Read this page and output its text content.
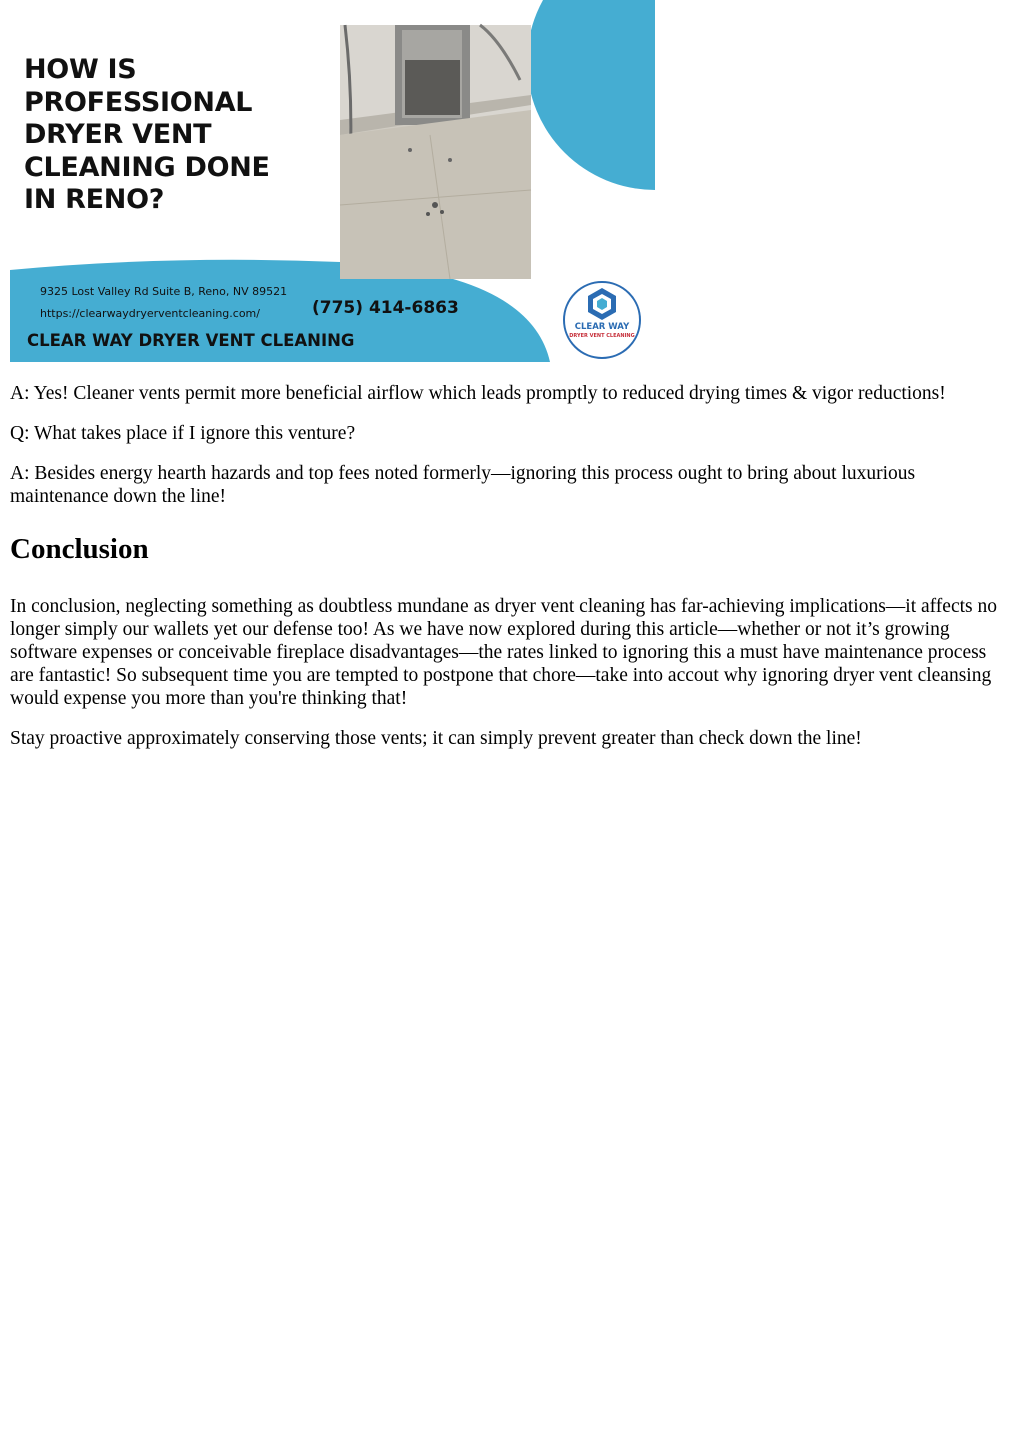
HOW IS
PROFESSIONAL
DRYER VENT
CLEANING DONE
IN RENO?

9325 Lost Valley Rd Suite B, Reno, NV 89521

https://clearwaydryerventcleaning.com/	(775) 414-6863

CLEAR WAY DRYER VENT CLEANING

CLEAR WAY

DRYER VENT CLEANING

A: Yes! Cleaner vents permit more beneficial airflow which leads promptly to reduced drying times & vigor reductions!

Q: What takes place if I ignore this venture?

A: Besides energy hearth hazards and top fees noted formerly—ignoring this process ought to bring about luxurious maintenance down the line!

Conclusion

In conclusion, neglecting something as doubtless mundane as dryer vent cleaning has far-achieving implications—it affects no longer simply our wallets yet our defense too! As we have now explored during this article—whether or not it’s growing software expenses or conceivable fireplace disadvantages—the rates linked to ignoring this a must have maintenance process are fantastic! So subsequent time you are tempted to postpone that chore—take into accout why ignoring dryer vent cleansing would expense you more than you're thinking that!

Stay proactive approximately conserving those vents; it can simply prevent greater than check down the line!
